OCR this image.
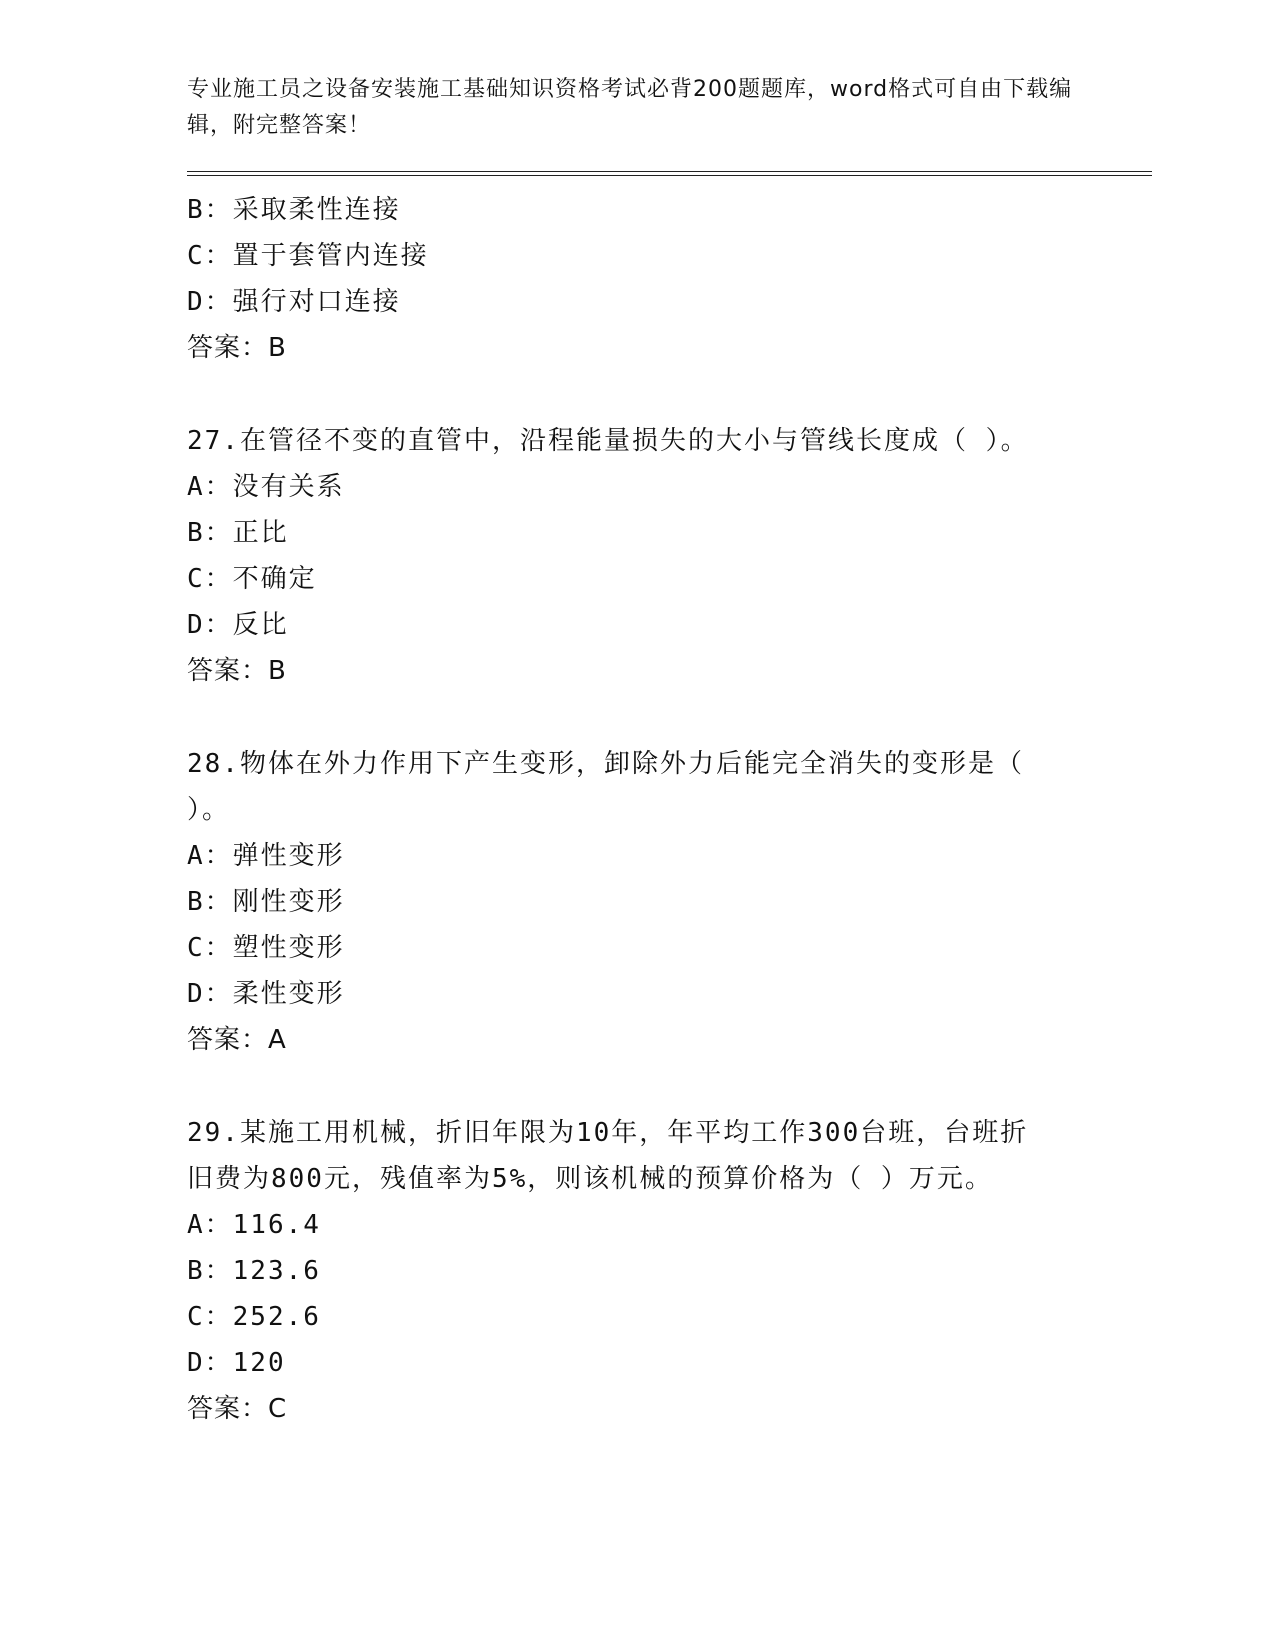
专业施工员之设备安装施工基础知识资格考试必背200题题库，word格式可自由下载编辑，附完整答案！
B：采取柔性连接
C：置于套管内连接
D：强行对口连接
答案：B
27.在管径不变的直管中，沿程能量损失的大小与管线长度成（ ）。
A：没有关系
B：正比
C：不确定
D：反比
答案：B
28.物体在外力作用下产生变形，卸除外力后能完全消失的变形是（
）。
A：弹性变形
B：刚性变形
C：塑性变形
D：柔性变形
答案：A
29.某施工用机械，折旧年限为10年，年平均工作300台班，台班折
旧费为800元，残值率为5%，则该机械的预算价格为（ ）万元。
A：116.4
B：123.6
C：252.6
D：120
答案：C
